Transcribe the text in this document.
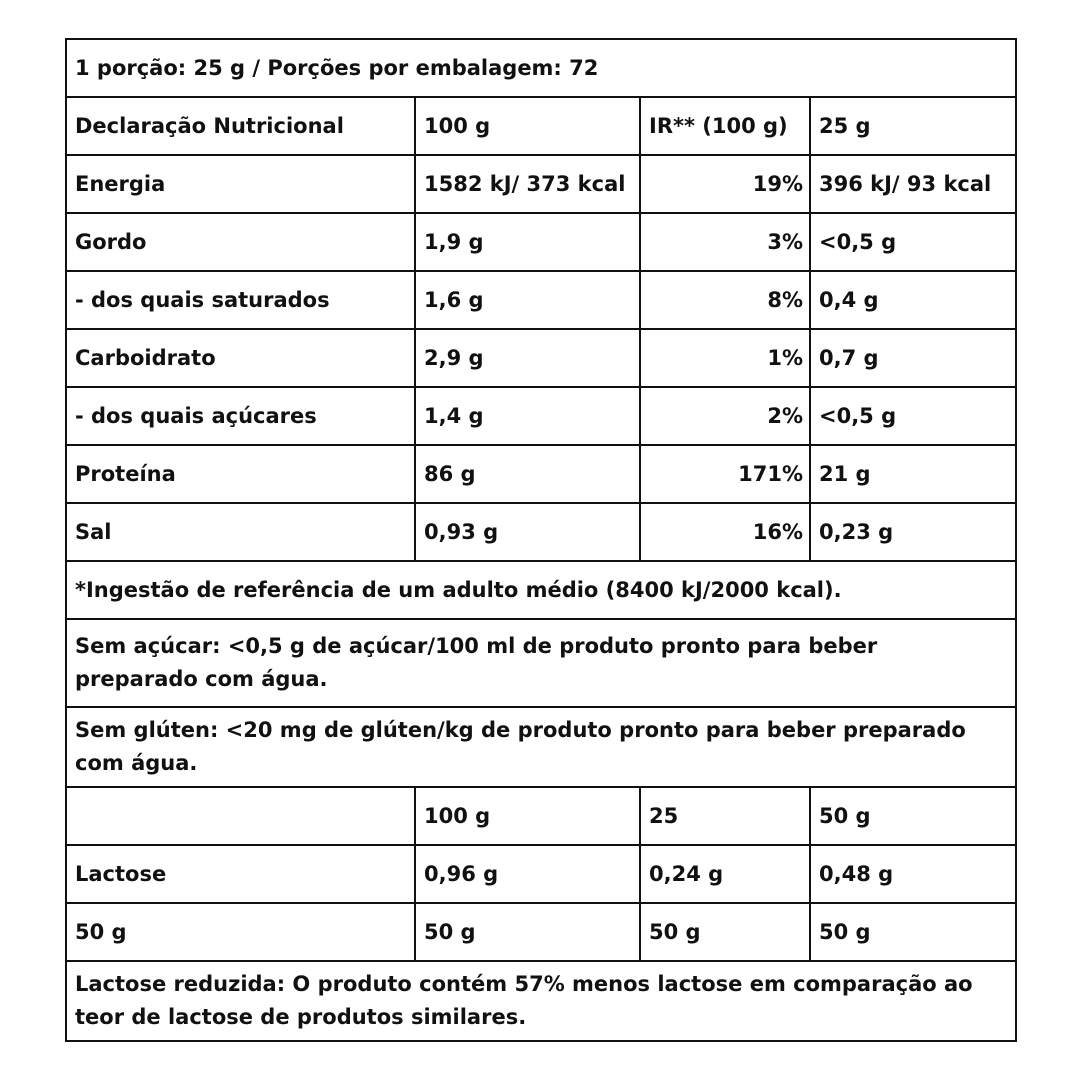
1 porção: 25 g / Porções por embalagem: 72			
Declaração Nutricional	100 g	IR** (100 g)	25 g
Energia	1582 kJ/ 373 kcal	19%	396 kJ/ 93 kcal
Gordo	1,9 g	3%	<0,5 g
- dos quais saturados	1,6 g	8%	0,4 g
Carboidrato	2,9 g	1%	0,7 g
- dos quais açúcares	1,4 g	2%	<0,5 g
Proteína	86 g	171%	21 g
Sal	0,93 g	16%	0,23 g
*Ingestão de referência de um adulto médio (8400 kJ/2000 kcal).			
Sem açúcar: <0,5 g de açúcar/100 ml de produto pronto para beber preparado com água.			
Sem glúten: <20 mg de glúten/kg de produto pronto para beber preparado com água.			
	100 g	25	50 g
Lactose	0,96 g	0,24 g	0,48 g
50 g	50 g	50 g	50 g
Lactose reduzida: O produto contém 57% menos lactose em comparação ao teor de lactose de produtos similares.			
